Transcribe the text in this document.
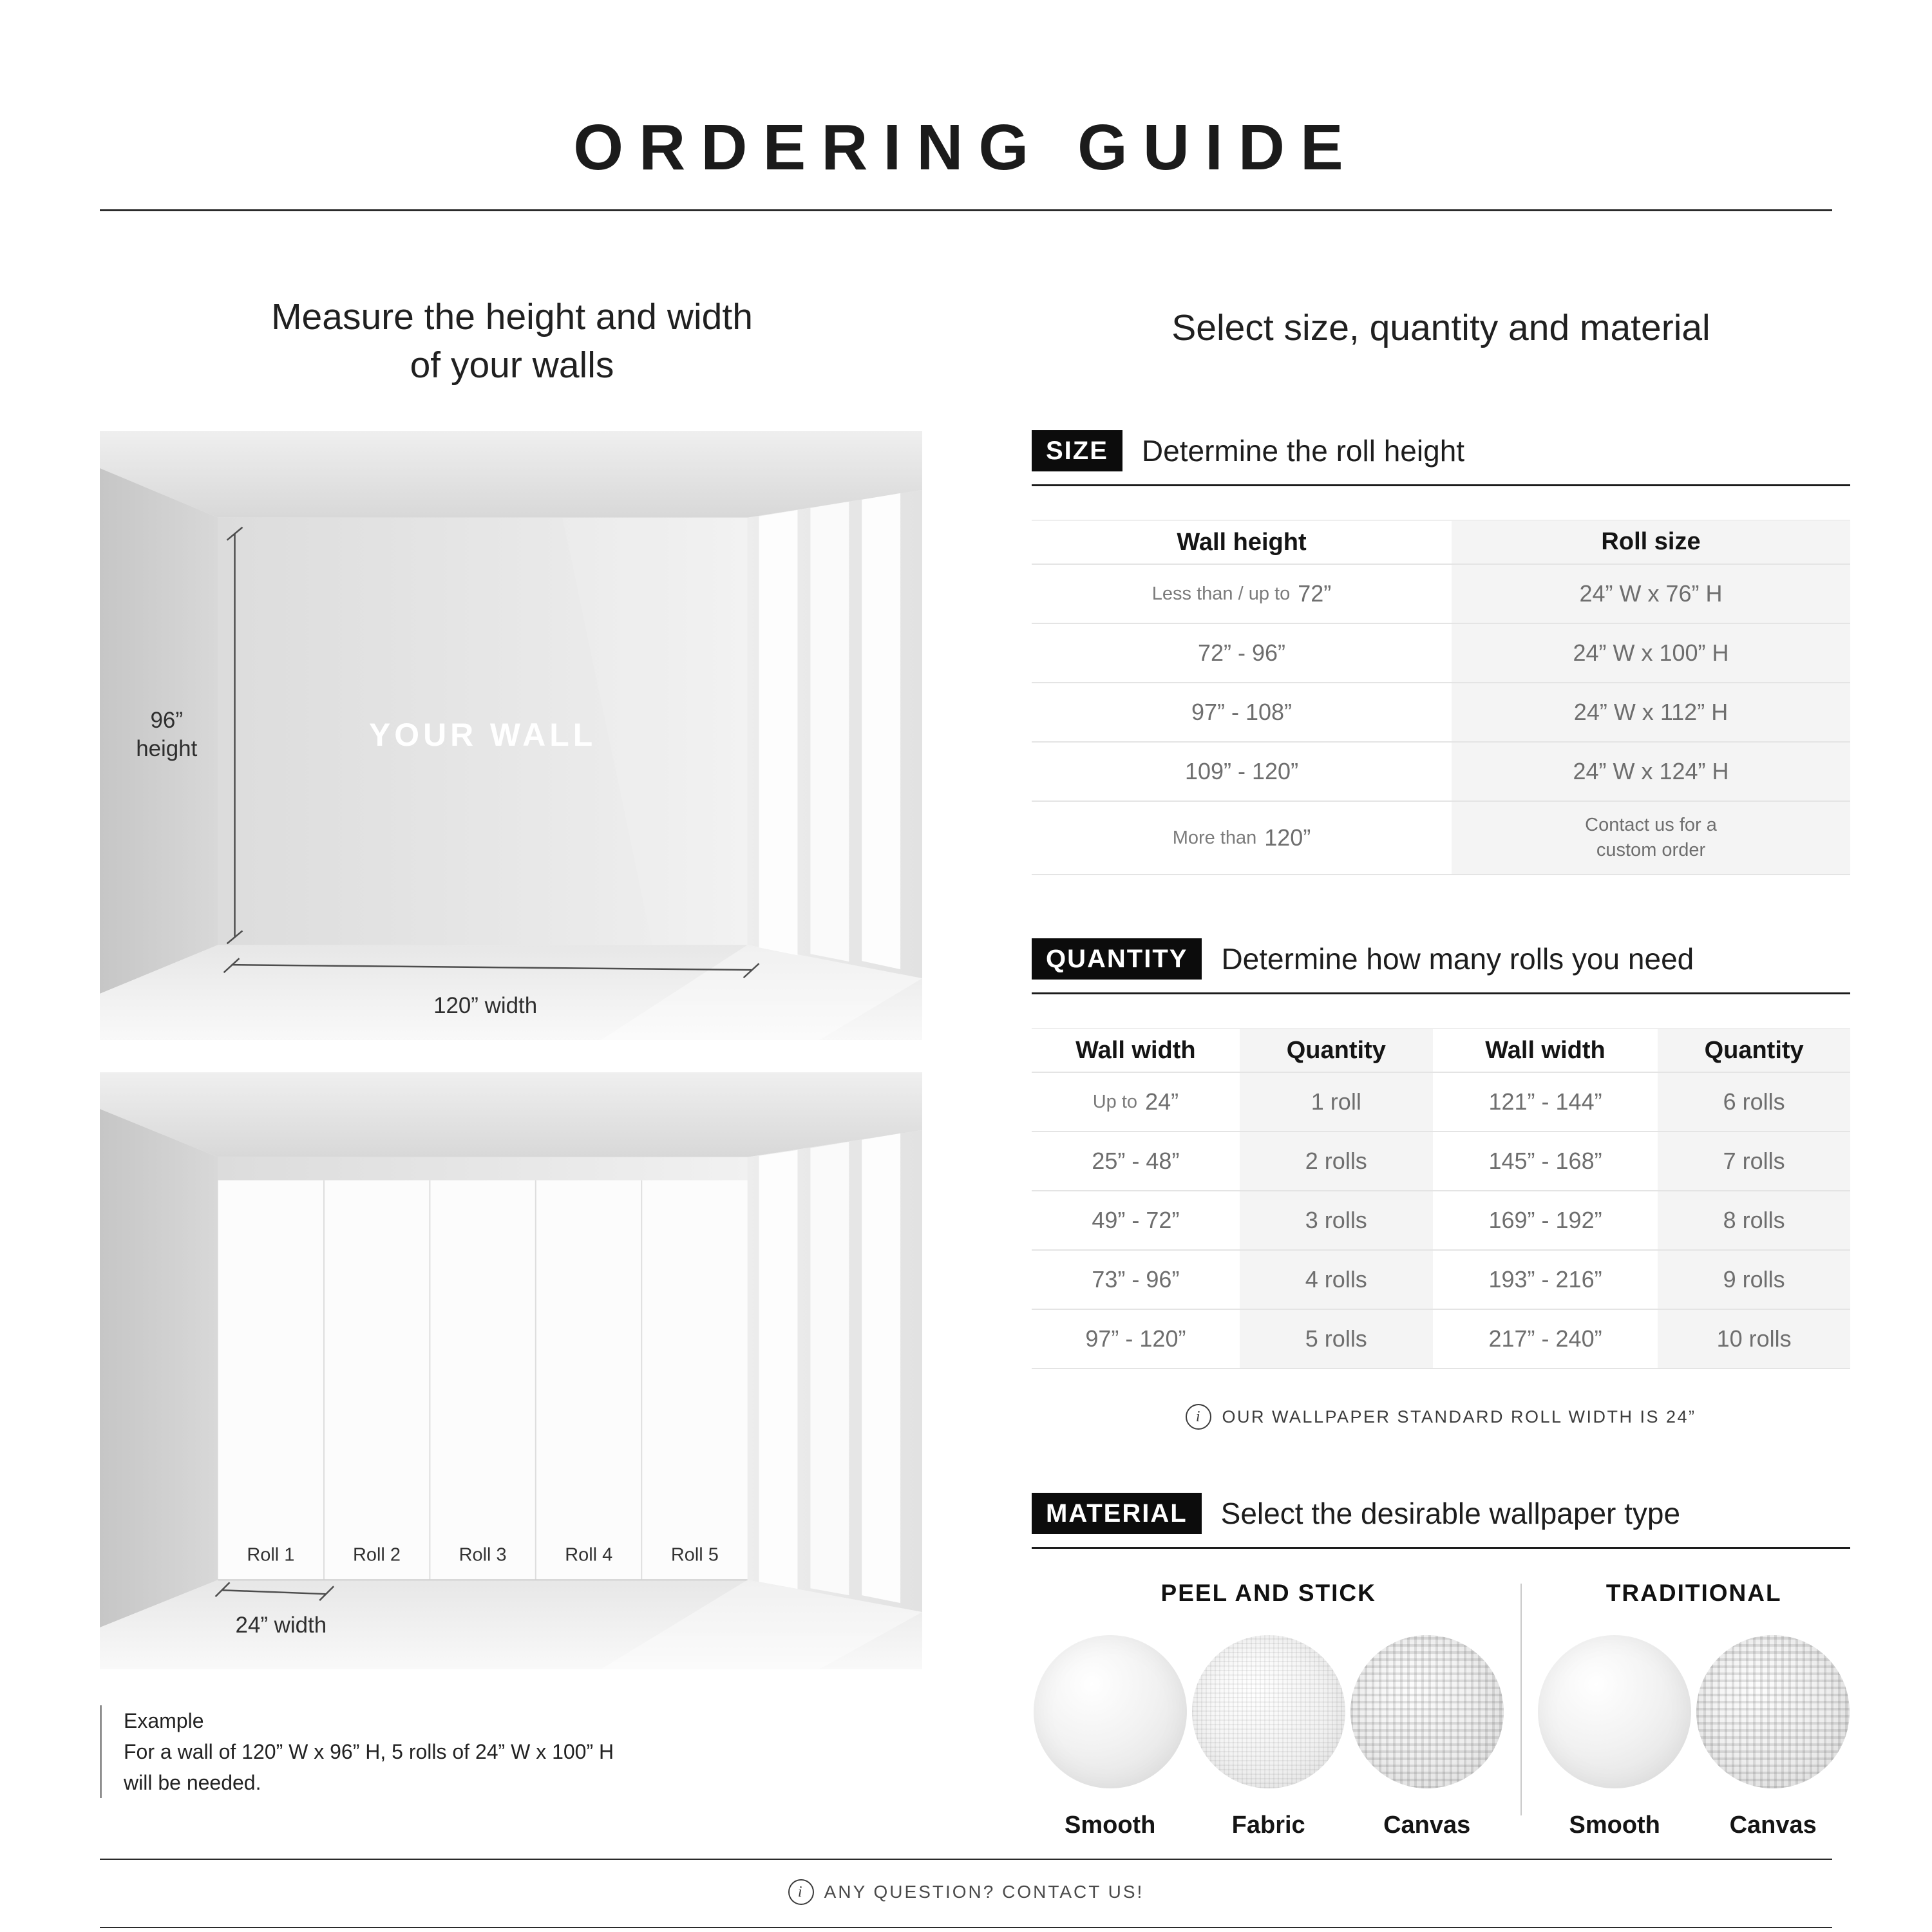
ORDERING GUIDE
Measure the height and width
of your walls
Select size, quantity and material
YOUR WALL
96”
height
120” width
Roll 1	Roll 2	Roll 3	Roll 4	Roll 5
24” width
Example
For a wall of 120” W x 96” H, 5 rolls of 24” W x 100” H
will be needed.
SIZE	Determine the roll height
Wall height	Roll size
Less than / up to 72”	24” W x 76” H
72” - 96”	24” W x 100” H
97” - 108”	24” W x 112” H
109” - 120”	24” W x 124” H
More than 120”	Contact us for a
custom order
QUANTITY	Determine how many rolls you need
Wall width	Quantity	Wall width	Quantity
Up to 24”	1 roll	121” - 144”	6 rolls
25” - 48”	2 rolls	145” - 168”	7 rolls
49” - 72”	3 rolls	169” - 192”	8 rolls
73” - 96”	4 rolls	193” - 216”	9 rolls
97” - 120”	5 rolls	217” - 240”	10 rolls
i
OUR WALLPAPER STANDARD ROLL WIDTH IS 24”
MATERIAL	Select the desirable wallpaper type
PEEL AND STICK
Smooth	Fabric	Canvas
TRADITIONAL
Smooth	Canvas
i
ANY QUESTION? CONTACT US!
